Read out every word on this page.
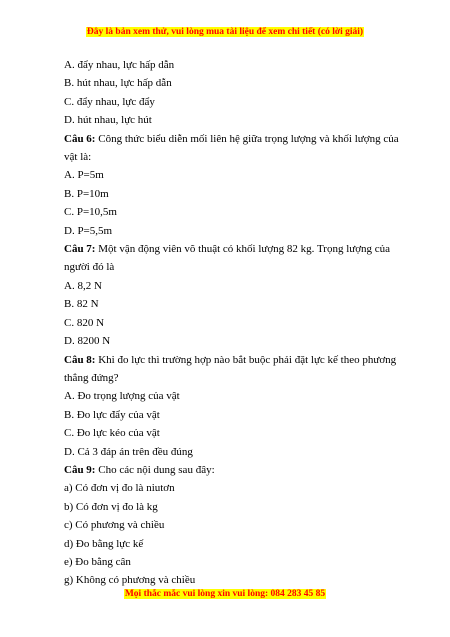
Đây là bản xem thử, vui lòng mua tài liệu để xem chi tiết (có lời giải)
A. đẩy nhau, lực hấp dẫn
B. hút nhau, lực hấp dẫn
C. đẩy nhau, lực đẩy
D. hút nhau, lực hút
Câu 6: Công thức biểu diễn mối liên hệ giữa trọng lượng và khối lượng của vật là:
A. P=5m
B. P=10m
C. P=10,5m
D. P=5,5m
Câu 7: Một vận động viên võ thuật có khối lượng 82 kg. Trọng lượng của người đó là
A. 8,2 N
B. 82 N
C. 820 N
D. 8200 N
Câu 8: Khi đo lực thì trường hợp nào bắt buộc phải đặt lực kế theo phương thẳng đứng?
A. Đo trọng lượng của vật
B. Đo lực đẩy của vật
C. Đo lực kéo của vật
D. Cả 3 đáp án trên đều đúng
Câu 9: Cho các nội dung sau đây:
a) Có đơn vị đo là niutơn
b) Có đơn vị đo là kg
c) Có phương và chiều
d) Đo bằng lực kế
e) Đo bằng cân
g) Không có phương và chiều
Mọi thắc mắc vui lòng xin vui lòng: 084 283 45 85
